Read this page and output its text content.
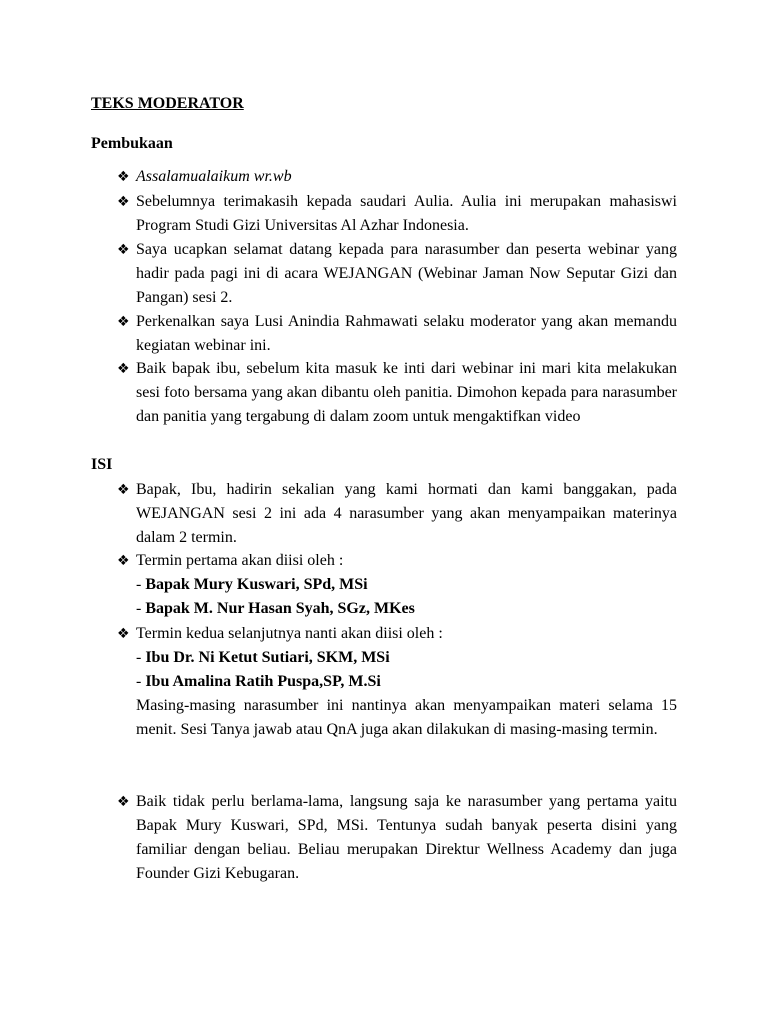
TEKS MODERATOR
Pembukaan
❖ Assalamualaikum wr.wb
❖ Sebelumnya terimakasih kepada saudari Aulia. Aulia ini merupakan mahasiswi Program Studi Gizi Universitas Al Azhar Indonesia.
❖ Saya ucapkan selamat datang kepada para narasumber dan peserta webinar yang hadir pada pagi ini di acara WEJANGAN (Webinar Jaman Now Seputar Gizi dan Pangan) sesi 2.
❖ Perkenalkan saya Lusi Anindia Rahmawati selaku moderator yang akan memandu kegiatan webinar ini.
❖ Baik bapak ibu, sebelum kita masuk ke inti dari webinar ini mari kita melakukan sesi foto bersama yang akan dibantu oleh panitia. Dimohon kepada para narasumber dan panitia yang tergabung di dalam zoom untuk mengaktifkan video
ISI
❖ Bapak, Ibu, hadirin sekalian yang kami hormati dan kami banggakan, pada WEJANGAN sesi 2 ini ada 4 narasumber yang akan menyampaikan materinya dalam 2 termin.
❖ Termin pertama akan diisi oleh :
- Bapak Mury Kuswari, SPd, MSi
- Bapak M. Nur Hasan Syah, SGz, MKes
❖ Termin kedua selanjutnya nanti akan diisi oleh :
- Ibu Dr. Ni Ketut Sutiari, SKM, MSi
- Ibu Amalina Ratih Puspa,SP, M.Si
Masing-masing narasumber ini nantinya akan menyampaikan materi selama 15 menit. Sesi Tanya jawab atau QnA juga akan dilakukan di masing-masing termin.
❖ Baik tidak perlu berlama-lama, langsung saja ke narasumber yang pertama yaitu Bapak Mury Kuswari, SPd, MSi. Tentunya sudah banyak peserta disini yang familiar dengan beliau. Beliau merupakan Direktur Wellness Academy dan juga Founder Gizi Kebugaran.
